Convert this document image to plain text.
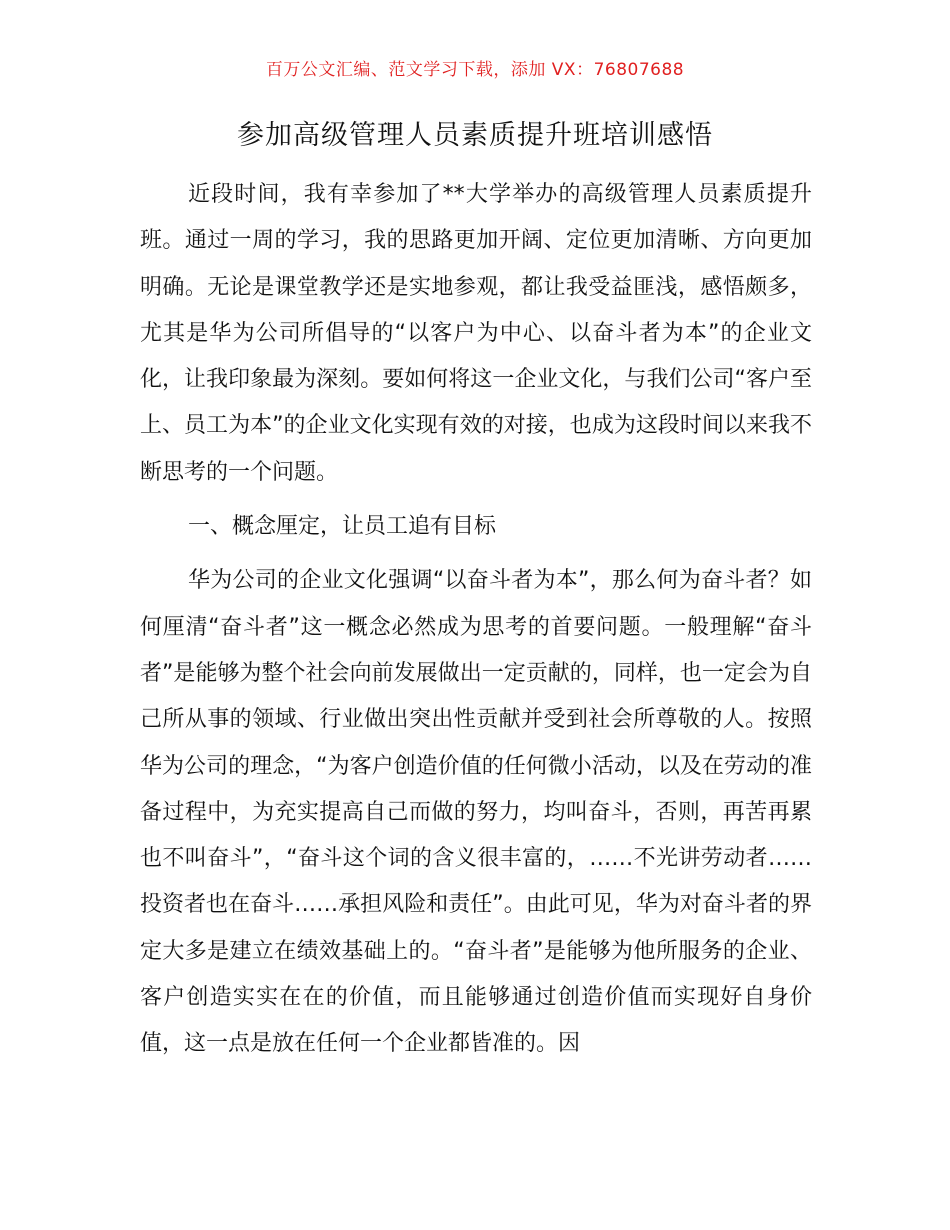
百万公文汇编、范文学习下载，添加 VX：76807688
参加高级管理人员素质提升班培训感悟

近段时间，我有幸参加了**大学举办的高级管理人员素质提升班。通过一周的学习，我的思路更加开阔、定位更加清晰、方向更加明确。无论是课堂教学还是实地参观，都让我受益匪浅，感悟颇多，尤其是华为公司所倡导的“以客户为中心、以奋斗者为本”的企业文化，让我印象最为深刻。要如何将这一企业文化，与我们公司“客户至上、员工为本”的企业文化实现有效的对接，也成为这段时间以来我不断思考的一个问题。

一、概念厘定，让员工追有目标

华为公司的企业文化强调“以奋斗者为本”，那么何为奋斗者？如何厘清“奋斗者”这一概念必然成为思考的首要问题。一般理解“奋斗者”是能够为整个社会向前发展做出一定贡献的，同样，也一定会为自己所从事的领域、行业做出突出性贡献并受到社会所尊敬的人。按照华为公司的理念，“为客户创造价值的任何微小活动，以及在劳动的准备过程中，为充实提高自己而做的努力，均叫奋斗，否则，再苦再累也不叫奋斗”，“奋斗这个词的含义很丰富的，……不光讲劳动者……投资者也在奋斗……承担风险和责任”。由此可见，华为对奋斗者的界定大多是建立在绩效基础上的。“奋斗者”是能够为他所服务的企业、客户创造实实在在的价值，而且能够通过创造价值而实现好自身价值，这一点是放在任何一个企业都皆准的。因
